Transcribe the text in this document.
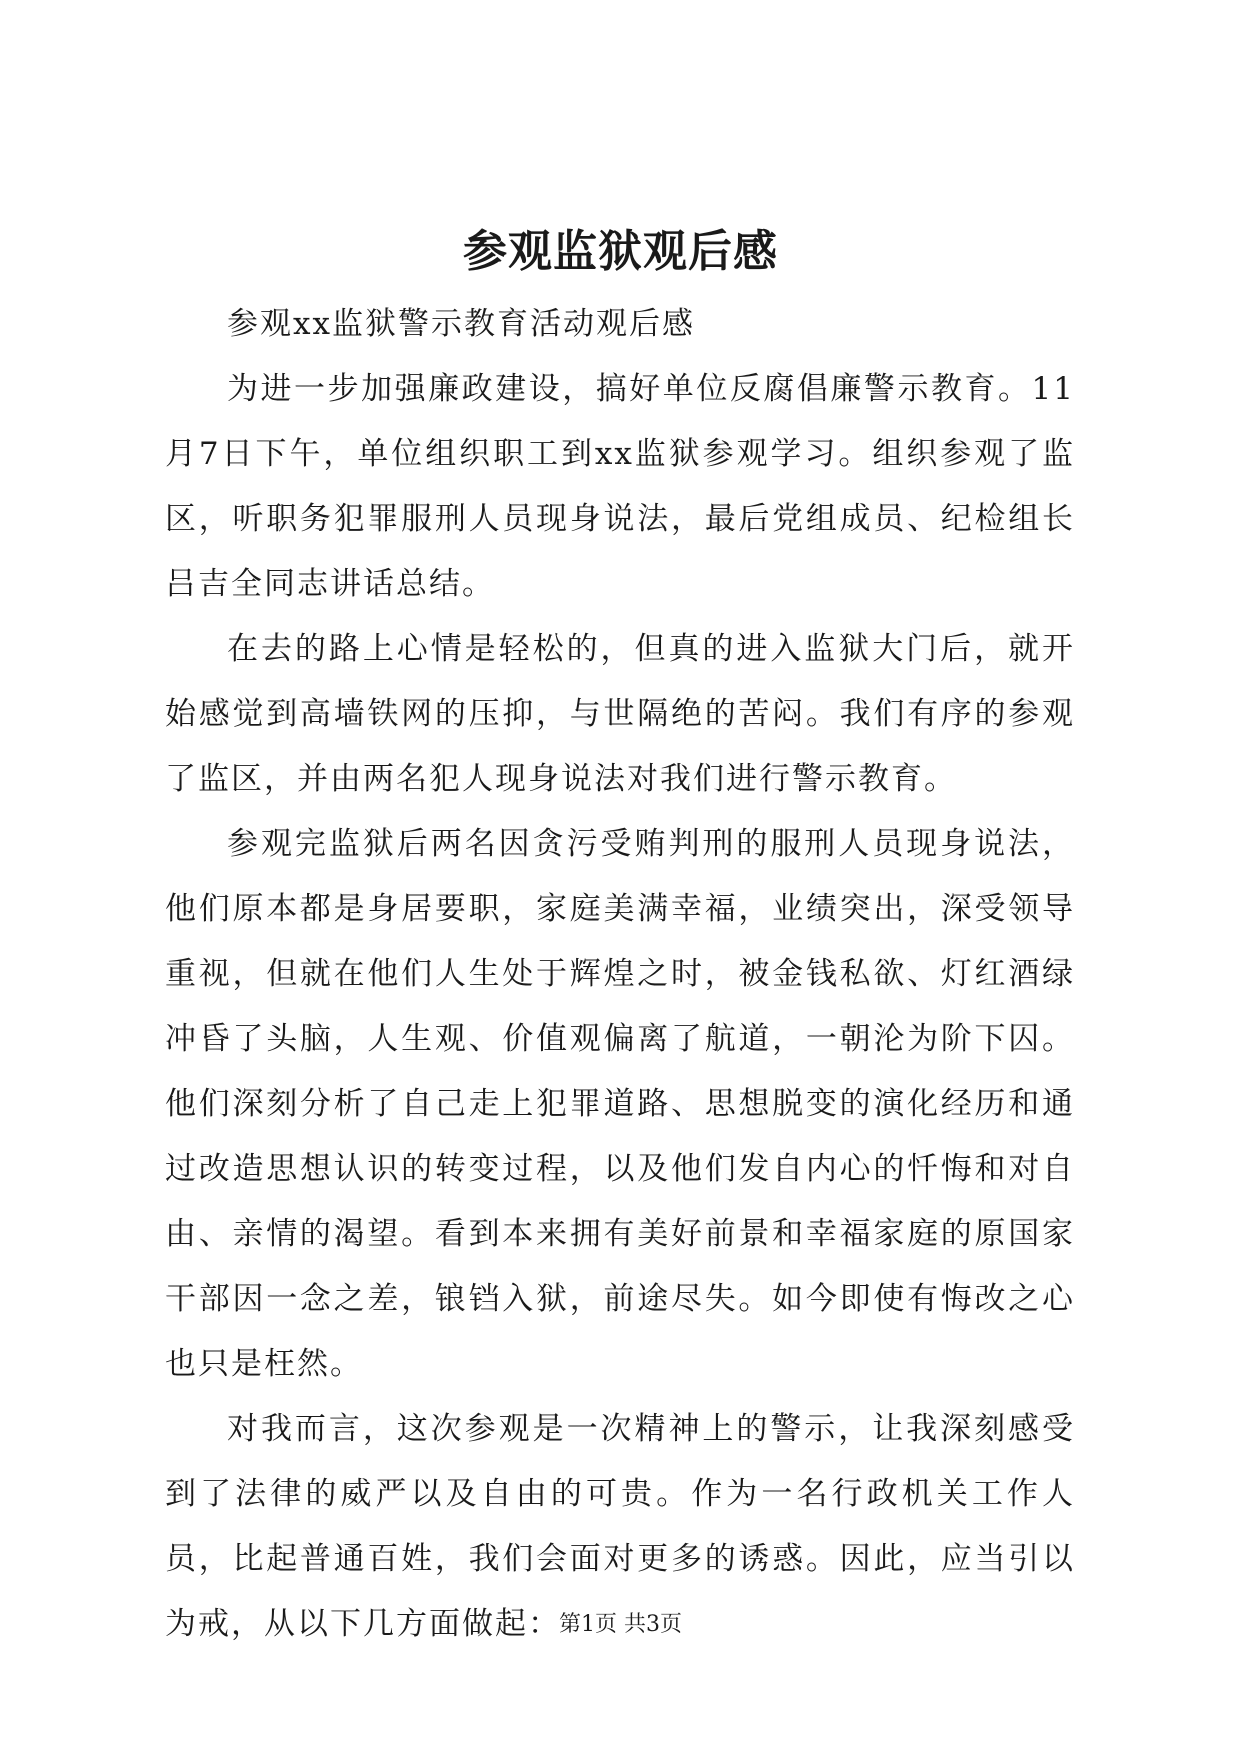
参观监狱观后感

参观xx监狱警示教育活动观后感

为进一步加强廉政建设，搞好单位反腐倡廉警示教育。11月7日下午，单位组织职工到xx监狱参观学习。组织参观了监区，听职务犯罪服刑人员现身说法，最后党组成员、纪检组长吕吉全同志讲话总结。

在去的路上心情是轻松的，但真的进入监狱大门后，就开始感觉到高墙铁网的压抑，与世隔绝的苦闷。我们有序的参观了监区，并由两名犯人现身说法对我们进行警示教育。

参观完监狱后两名因贪污受贿判刑的服刑人员现身说法，他们原本都是身居要职，家庭美满幸福，业绩突出，深受领导重视，但就在他们人生处于辉煌之时，被金钱私欲、灯红酒绿冲昏了头脑，人生观、价值观偏离了航道，一朝沦为阶下囚。他们深刻分析了自己走上犯罪道路、思想脱变的演化经历和通过改造思想认识的转变过程，以及他们发自内心的忏悔和对自由、亲情的渴望。看到本来拥有美好前景和幸福家庭的原国家干部因一念之差，锒铛入狱，前途尽失。如今即使有悔改之心也只是枉然。

对我而言，这次参观是一次精神上的警示，让我深刻感受到了法律的威严以及自由的可贵。作为一名行政机关工作人员，比起普通百姓，我们会面对更多的诱惑。因此，应当引以为戒，从以下几方面做起：

第1页 共3页
